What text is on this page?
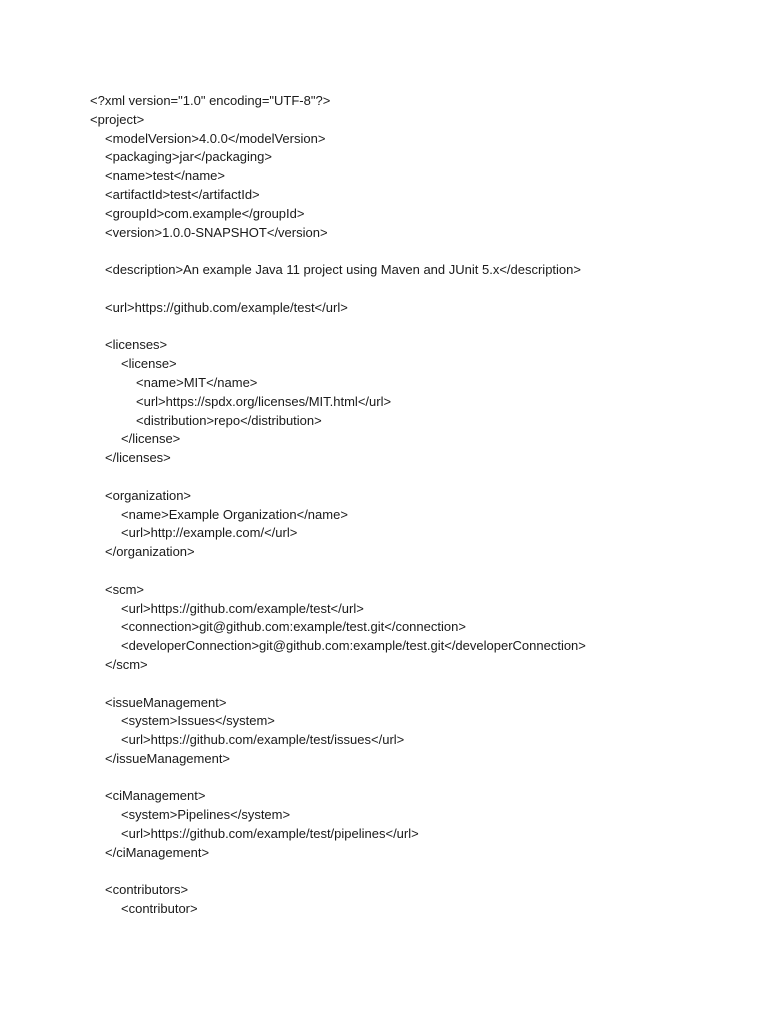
<?xml version="1.0" encoding="UTF-8"?>
<project>
<modelVersion>4.0.0</modelVersion>
<packaging>jar</packaging>
<name>test</name>
<artifactId>test</artifactId>
<groupId>com.example</groupId>
<version>1.0.0-SNAPSHOT</version>
<description>An example Java 11 project using Maven and JUnit 5.x</description>
<url>https://github.com/example/test</url>
<licenses>
<license>
<name>MIT</name>
<url>https://spdx.org/licenses/MIT.html</url>
<distribution>repo</distribution>
</license>
</licenses>
<organization>
<name>Example Organization</name>
<url>http://example.com/</url>
</organization>
<scm>
<url>https://github.com/example/test</url>
<connection>git@github.com:example/test.git</connection>
<developerConnection>git@github.com:example/test.git</developerConnection>
</scm>
<issueManagement>
<system>Issues</system>
<url>https://github.com/example/test/issues</url>
</issueManagement>
<ciManagement>
<system>Pipelines</system>
<url>https://github.com/example/test/pipelines</url>
</ciManagement>
<contributors>
<contributor>
